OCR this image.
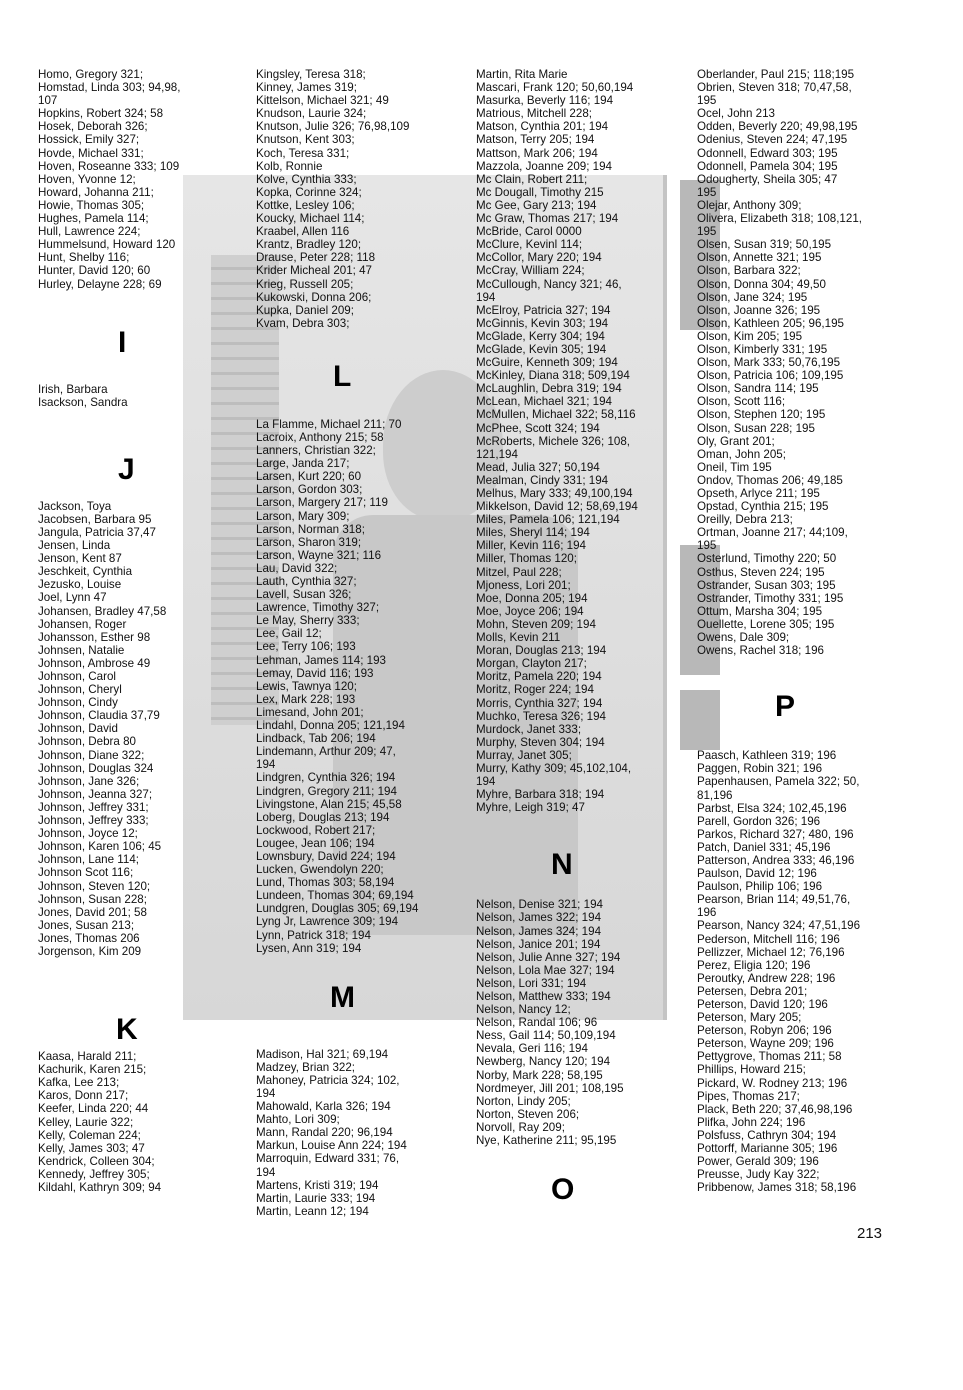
Homo, Gregory 321;
Homstad, Linda 303; 94,98,
107
Hopkins, Robert 324; 58
Hosek, Deborah 326;
Hossick, Emily 327;
Hovde, Michael 331;
Hoven, Roseanne 333; 109
Hoven, Yvonne 12;
Howard, Johanna 211;
Howie, Thomas 305;
Hughes, Pamela 114;
Hull, Lawrence 224;
Hummelsund, Howard 120
Hunt, Shelby 116;
Hunter, David 120; 60
Hurley, Delayne 228; 69
Irish, Barbara
Isackson, Sandra
Jackson, Toya
Jacobsen, Barbara 95
Jangula, Patricia 37,47
Jensen, Linda
Jenson, Kent 87
Jeschkeit, Cynthia
Jezusko, Louise
Joel, Lynn 47
Johansen, Bradley 47,58
Johansen, Roger
Johansson, Esther 98
Johnsen, Natalie
Johnson, Ambrose 49
Johnson, Carol
Johnson, Cheryl
Johnson, Cindy
Johnson, Claudia 37,79
Johnson, David
Johnson, Debra 80
Johnson, Diane 322;
Johnson, Douglas 324
Johnson, Jane 326;
Johnson, Jeanna 327;
Johnson, Jeffrey 331;
Johnson, Jeffrey 333;
Johnson, Joyce 12;
Johnson, Karen 106; 45
Johnson, Lane 114;
Johnson Scot 116;
Johnson, Steven 120;
Johnson, Susan 228;
Jones, David 201; 58
Jones, Susan 213;
Jones, Thomas 206
Jorgenson, Kim 209
Kaasa, Harald 211;
Kachurik, Karen 215;
Kafka, Lee 213;
Karos, Donn 217;
Keefer, Linda 220; 44
Kelley, Laurie 322;
Kelly, Coleman 224;
Kelly, James 303; 47
Kendrick, Colleen 304;
Kennedy, Jeffrey 305;
Kildahl, Kathryn 309; 94
Kingsley, Teresa 318;
Kinney, James 319;
Kittelson, Michael 321; 49
Knudson, Laurie 324;
Knutson, Julie 326; 76,98,109
Knutson, Kent 303;
Koch, Teresa 331;
Kolb, Ronnie
Kolve, Cynthia 333;
Kopka, Corinne 324;
Kottke, Lesley 106;
Koucky, Michael 114;
Kraabel, Allen 116
Krantz, Bradley 120;
Drause, Peter 228; 118
Krider Micheal 201; 47
Krieg, Russell 205;
Kukowski, Donna 206;
Kupka, Daniel 209;
Kvam, Debra 303;
La Flamme, Michael 211; 70
Lacroix, Anthony 215; 58
Lanners, Christian 322;
Large, Janda 217;
Larsen, Kurt 220; 60
Larson, Gordon 303;
Larson, Margery 217; 119
Larson, Mary 309;
Larson, Norman 318;
Larson, Sharon 319;
Larson, Wayne 321; 116
Lau, David 322;
Lauth, Cynthia 327;
Lavell, Susan 326;
Lawrence, Timothy 327;
Le May, Sherry 333;
Lee, Gail 12;
Lee, Terry 106; 193
Lehman, James 114; 193
Lemay, David 116; 193
Lewis, Tawnya 120;
Lex, Mark 228; 193
Limesand, John 201;
Lindahl, Donna 205; 121,194
Lindback, Tab 206; 194
Lindemann, Arthur 209; 47,
194
Lindgren, Cynthia 326; 194
Lindgren, Gregory 211; 194
Livingstone, Alan 215; 45,58
Loberg, Douglas 213; 194
Lockwood, Robert 217;
Lougee, Jean 106; 194
Lownsbury, David 224; 194
Lucken, Gwendolyn 220;
Lund, Thomas 303; 58,194
Lundeen, Thomas 304; 69,194
Lundgren, Douglas 305; 69,194
Lyng Jr, Lawrence 309; 194
Lynn, Patrick 318; 194
Lysen, Ann 319; 194
Madison, Hal 321; 69,194
Madzey, Brian 322;
Mahoney, Patricia 324; 102,
194
Mahowald, Karla 326; 194
Mahto, Lori 309;
Mann, Randal 220; 96,194
Markun, Louise Ann 224; 194
Marroquin, Edward 331; 76,
194
Martens, Kristi 319; 194
Martin, Laurie 333; 194
Martin, Leann 12; 194
Martin, Rita Marie
Mascari, Frank 120; 50,60,194
Masurka, Beverly 116; 194
Matrious, Mitchell 228;
Matson, Cynthia 201; 194
Matson, Terry 205; 194
Mattson, Mark 206; 194
Mazzola, Joanne 209; 194
Mc Clain, Robert 211;
Mc Dougall, Timothy 215
Mc Gee, Gary 213; 194
Mc Graw, Thomas 217; 194
McBride, Carol 0000
McClure, Kevinl 114;
McCollor, Mary 220; 194
McCray, William 224;
McCullough, Nancy 321; 46,
194
McElroy, Patricia 327; 194
McGinnis, Kevin 303; 194
McGlade, Kerry 304; 194
McGlade, Kevin 305; 194
McGuire, Kenneth 309; 194
McKinley, Diana 318; 509,194
McLaughlin, Debra 319; 194
McLean, Michael 321; 194
McMullen, Michael 322; 58,116
McPhee, Scott 324; 194
McRoberts, Michele 326; 108,
121,194
Mead, Julia 327; 50,194
Mealman, Cindy 331; 194
Melhus, Mary 333; 49,100,194
Mikkelson, David 12; 58,69,194
Miles, Pamela 106; 121,194
Miles, Sheryl 114; 194
Miller, Kevin 116; 194
Miller, Thomas 120;
Mitzel, Paul 228;
Mjoness, Lori 201;
Moe, Donna 205; 194
Moe, Joyce 206; 194
Mohn, Steven 209; 194
Molls, Kevin 211
Moran, Douglas 213; 194
Morgan, Clayton 217;
Moritz, Pamela 220; 194
Moritz, Roger 224; 194
Morris, Cynthia 327; 194
Muchko, Teresa 326; 194
Murdock, Janet 333;
Murphy, Steven 304; 194
Murray, Janet 305;
Murry, Kathy 309; 45,102,104,
194
Myhre, Barbara 318; 194
Myhre, Leigh 319; 47
Nelson, Denise 321; 194
Nelson, James 322; 194
Nelson, James 324; 194
Nelson, Janice 201; 194
Nelson, Julie Anne 327; 194
Nelson, Lola Mae 327; 194
Nelson, Lori 331; 194
Nelson, Matthew 333; 194
Nelson, Nancy 12;
Nelson, Randal 106; 96
Ness, Gail 114; 50,109,194
Nevala, Geri 116; 194
Newberg, Nancy 120; 194
Norby, Mark 228; 58,195
Nordmeyer, Jill 201; 108,195
Norton, Lindy 205;
Norton, Steven 206;
Norvoll, Ray 209;
Nye, Katherine 211; 95,195
Oberlander, Paul 215; 118;195
Obrien, Steven 318; 70,47,58,
195
Ocel, John 213
Odden, Beverly 220; 49,98,195
Odenius, Steven 224; 47,195
Odonnell, Edward 303; 195
Odonnell, Pamela 304; 195
Odougherty, Sheila 305; 47
195
Olejar, Anthony 309;
Olivera, Elizabeth 318; 108,121,
195
Olsen, Susan 319; 50,195
Olson, Annette 321; 195
Olson, Barbara 322;
Olson, Donna 304; 49,50
Olson, Jane 324; 195
Olson, Joanne 326; 195
Olson, Kathleen 205; 96,195
Olson, Kim 205; 195
Olson, Kimberly 331; 195
Olson, Mark 333; 50,76,195
Olson, Patricia 106; 109,195
Olson, Sandra 114; 195
Olson, Scott 116;
Olson, Stephen 120; 195
Olson, Susan 228; 195
Oly, Grant 201;
Oman, John 205;
Oneil, Tim 195
Ondov, Thomas 206; 49,185
Opseth, Arlyce 211; 195
Opstad, Cynthia 215; 195
Oreilly, Debra 213;
Ortman, Joanne 217; 44;109,
195
Osterlund, Timothy 220; 50
Osthus, Steven 224; 195
Ostrander, Susan 303; 195
Ostrander, Timothy 331; 195
Ottum, Marsha 304; 195
Ouellette, Lorene 305; 195
Owens, Dale 309;
Owens, Rachel 318; 196
Paasch, Kathleen 319; 196
Paggen, Robin 321; 196
Papenhausen, Pamela 322; 50,
81,196
Parbst, Elsa 324; 102,45,196
Parell, Gordon 326; 196
Parkos, Richard 327; 480, 196
Patch, Daniel 331; 45,196
Patterson, Andrea 333; 46,196
Paulson, David 12; 196
Paulson, Philip 106; 196
Pearson, Brian 114; 49,51,76,
196
Pearson, Nancy 324; 47,51,196
Pederson, Mitchell 116; 196
Pellizzer, Michael 12; 76,196
Perez, Eligia 120; 196
Peroutky, Andrew 228; 196
Petersen, Debra 201;
Peterson, David 120; 196
Peterson, Mary 205;
Peterson, Robyn 206; 196
Peterson, Wayne 209; 196
Pettygrove, Thomas 211; 58
Phillips, Howard 215;
Pickard, W. Rodney 213; 196
Pipes, Thomas 217;
Plack, Beth 220; 37,46,98,196
Plifka, John 224; 196
Polsfuss, Cathryn 304; 194
Pottorff, Marianne 305; 196
Power, Gerald 309; 196
Preusse, Judy Kay 322;
Pribbenow, James 318; 58,196
I
J
K
L
M
N
O
P
213
